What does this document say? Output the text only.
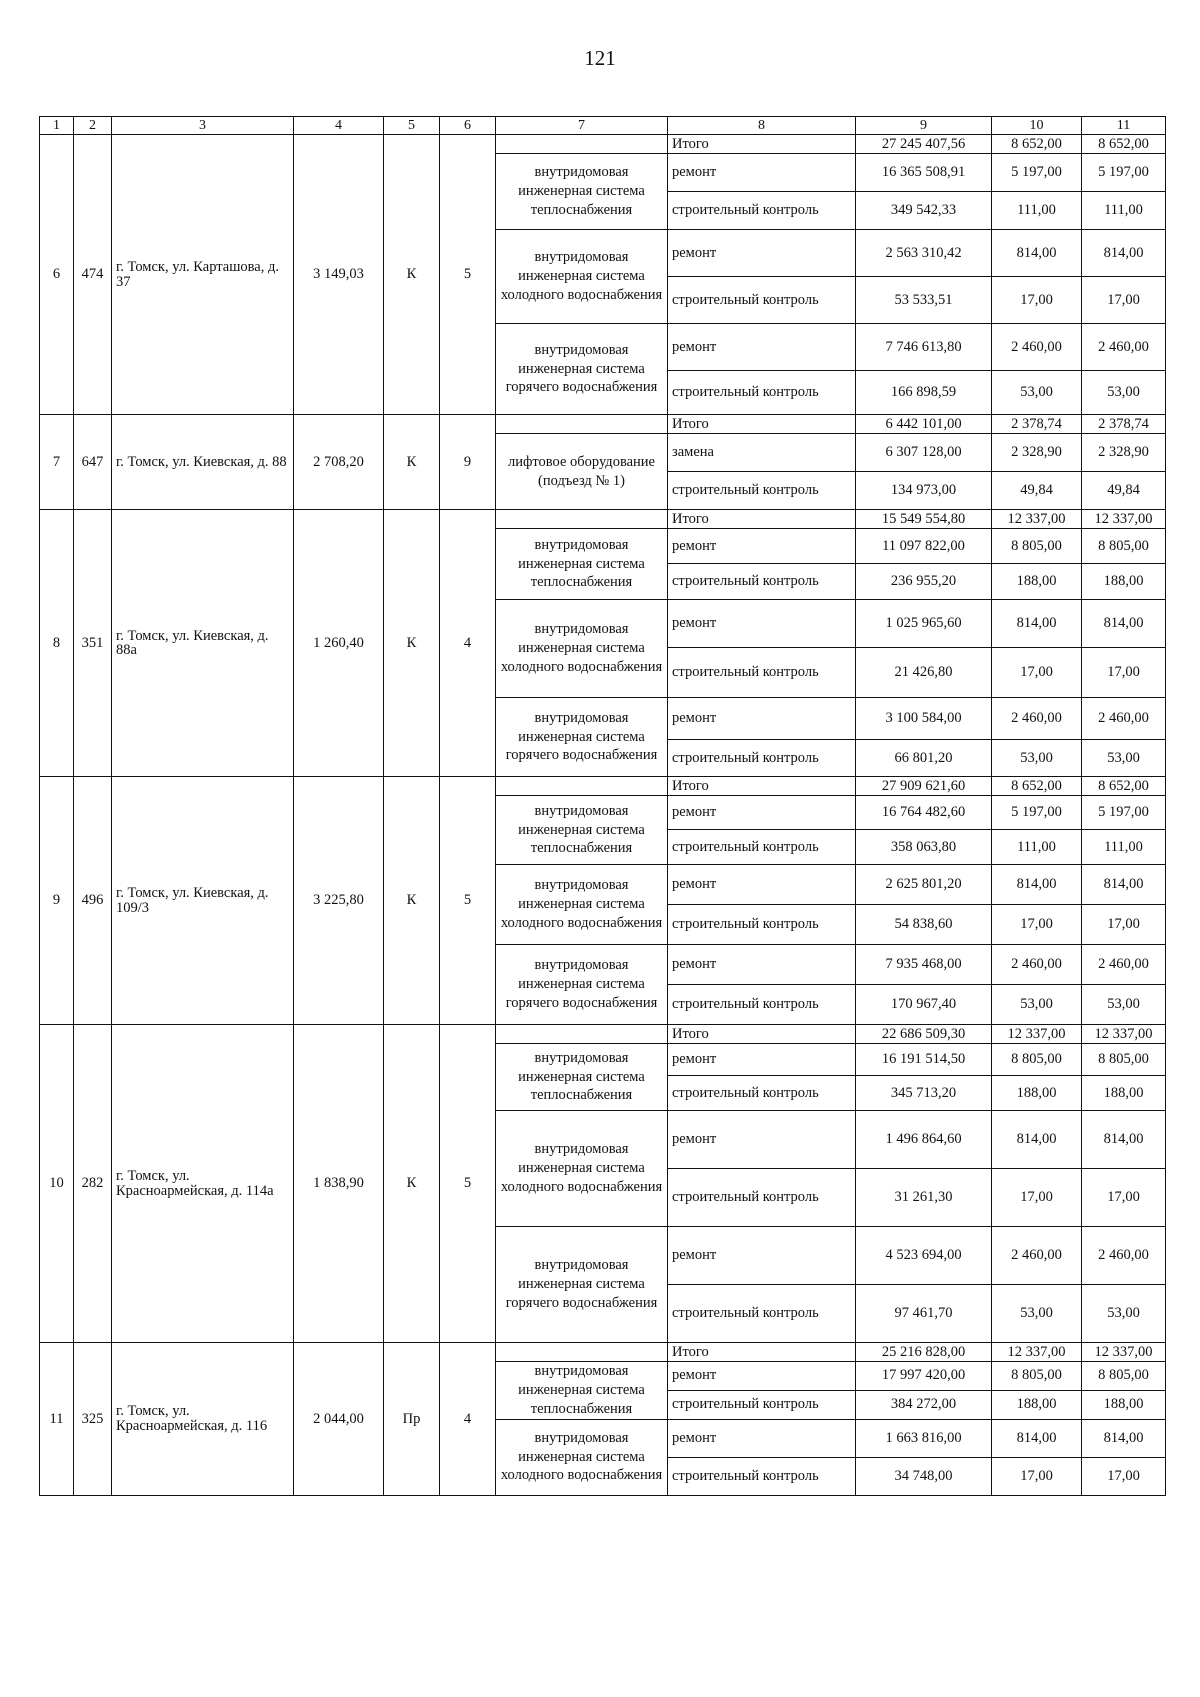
121
1	2	3	4	5	6	7	8	9	10	11
6	474	г. Томск, ул. Карташова, д. 37	3 149,03	К	5		Итого	27 245 407,56	8 652,00	8 652,00
						внутридомовая инженерная система теплоснабжения	ремонт	16 365 508,91	5 197,00	5 197,00
							строительный контроль	349 542,33	111,00	111,00
						внутридомовая инженерная система холодного водоснабжения	ремонт	2 563 310,42	814,00	814,00
							строительный контроль	53 533,51	17,00	17,00
						внутридомовая инженерная система горячего водоснабжения	ремонт	7 746 613,80	2 460,00	2 460,00
							строительный контроль	166 898,59	53,00	53,00
7	647	г. Томск, ул. Киевская, д. 88	2 708,20	К	9		Итого	6 442 101,00	2 378,74	2 378,74
						лифтовое оборудование (подъезд № 1)	замена	6 307 128,00	2 328,90	2 328,90
							строительный контроль	134 973,00	49,84	49,84
8	351	г. Томск, ул. Киевская, д. 88а	1 260,40	К	4		Итого	15 549 554,80	12 337,00	12 337,00
						внутридомовая инженерная система теплоснабжения	ремонт	11 097 822,00	8 805,00	8 805,00
							строительный контроль	236 955,20	188,00	188,00
						внутридомовая инженерная система холодного водоснабжения	ремонт	1 025 965,60	814,00	814,00
							строительный контроль	21 426,80	17,00	17,00
						внутридомовая инженерная система горячего водоснабжения	ремонт	3 100 584,00	2 460,00	2 460,00
							строительный контроль	66 801,20	53,00	53,00
9	496	г. Томск, ул. Киевская, д. 109/3	3 225,80	К	5		Итого	27 909 621,60	8 652,00	8 652,00
						внутридомовая инженерная система теплоснабжения	ремонт	16 764 482,60	5 197,00	5 197,00
							строительный контроль	358 063,80	111,00	111,00
						внутридомовая инженерная система холодного водоснабжения	ремонт	2 625 801,20	814,00	814,00
							строительный контроль	54 838,60	17,00	17,00
						внутридомовая инженерная система горячего водоснабжения	ремонт	7 935 468,00	2 460,00	2 460,00
							строительный контроль	170 967,40	53,00	53,00
10	282	г. Томск, ул. Красноармейская, д. 114а	1 838,90	К	5		Итого	22 686 509,30	12 337,00	12 337,00
						внутридомовая инженерная система теплоснабжения	ремонт	16 191 514,50	8 805,00	8 805,00
							строительный контроль	345 713,20	188,00	188,00
						внутридомовая инженерная система холодного водоснабжения	ремонт	1 496 864,60	814,00	814,00
							строительный контроль	31 261,30	17,00	17,00
						внутридомовая инженерная система горячего водоснабжения	ремонт	4 523 694,00	2 460,00	2 460,00
							строительный контроль	97 461,70	53,00	53,00
11	325	г. Томск, ул. Красноармейская, д. 116	2 044,00	Пр	4		Итого	25 216 828,00	12 337,00	12 337,00
						внутридомовая инженерная система теплоснабжения	ремонт	17 997 420,00	8 805,00	8 805,00
							строительный контроль	384 272,00	188,00	188,00
						внутридомовая инженерная система холодного водоснабжения	ремонт	1 663 816,00	814,00	814,00
							строительный контроль	34 748,00	17,00	17,00
